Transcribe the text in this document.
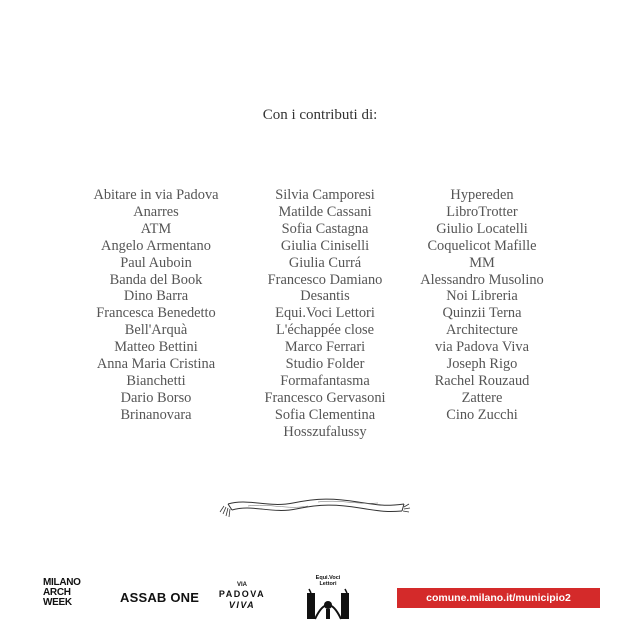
Con i contributi di:
Abitare in via Padova
Anarres
ATM
Angelo Armentano
Paul Auboin
Banda del Book
Dino Barra
Francesca Benedetto
Bell'Arquà
Matteo Bettini
Anna Maria Cristina
Bianchetti
Dario Borso
Brinanovara
Silvia Camporesi
Matilde Cassani
Sofia Castagna
Giulia Ciniselli
Giulia Currá
Francesco Damiano
Desantis
Equi.Voci Lettori
L'échappée close
Marco Ferrari
Studio Folder
Formafantasma
Francesco Gervasoni
Sofia Clementina
Hosszufalussy
Hypereden
LibroTrotter
Giulio Locatelli
Coquelicot Mafille
MM
Alessandro Musolino
Noi Libreria
Quinzii Terna
Architecture
via Padova Viva
Joseph Rigo
Rachel Rouzaud
Zattere
Cino Zucchi
MILANO
ARCH
WEEK	ASSAB ONE
VIA
PADOVA
VIVA
Equi.Voci
Lettori
comune.milano.it/municipio2
